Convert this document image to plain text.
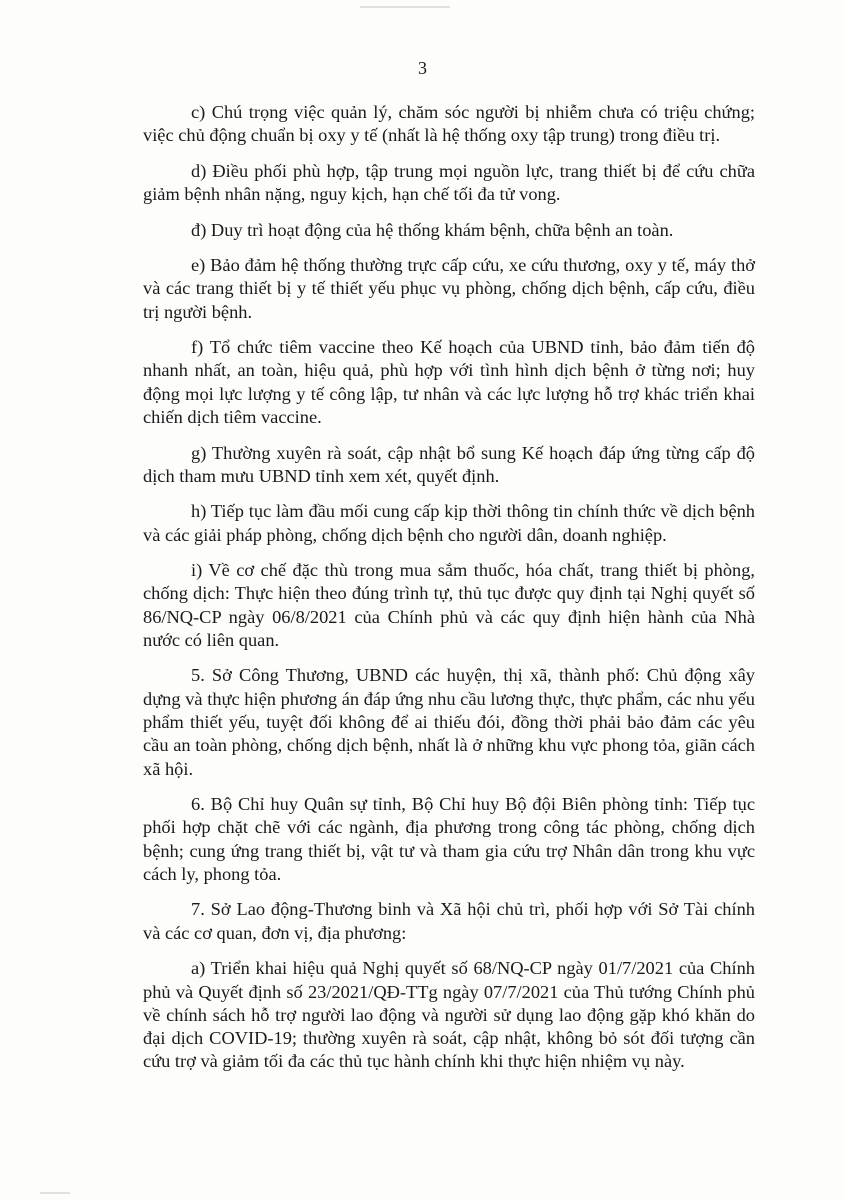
3

c) Chú trọng việc quản lý, chăm sóc người bị nhiễm chưa có triệu chứng; việc chủ động chuẩn bị oxy y tế (nhất là hệ thống oxy tập trung) trong điều trị.

d) Điều phối phù hợp, tập trung mọi nguồn lực, trang thiết bị để cứu chữa giảm bệnh nhân nặng, nguy kịch, hạn chế tối đa tử vong.

đ) Duy trì hoạt động của hệ thống khám bệnh, chữa bệnh an toàn.

e) Bảo đảm hệ thống thường trực cấp cứu, xe cứu thương, oxy y tế, máy thở và các trang thiết bị y tế thiết yếu phục vụ phòng, chống dịch bệnh, cấp cứu, điều trị người bệnh.

f) Tổ chức tiêm vaccine theo Kế hoạch của UBND tỉnh, bảo đảm tiến độ nhanh nhất, an toàn, hiệu quả, phù hợp với tình hình dịch bệnh ở từng nơi; huy động mọi lực lượng y tế công lập, tư nhân và các lực lượng hỗ trợ khác triển khai chiến dịch tiêm vaccine.

g) Thường xuyên rà soát, cập nhật bổ sung Kế hoạch đáp ứng từng cấp độ dịch tham mưu UBND tỉnh xem xét, quyết định.

h) Tiếp tục làm đầu mối cung cấp kịp thời thông tin chính thức về dịch bệnh và các giải pháp phòng, chống dịch bệnh cho người dân, doanh nghiệp.

i) Về cơ chế đặc thù trong mua sắm thuốc, hóa chất, trang thiết bị phòng, chống dịch: Thực hiện theo đúng trình tự, thủ tục được quy định tại Nghị quyết số 86/NQ-CP ngày 06/8/2021 của Chính phủ và các quy định hiện hành của Nhà nước có liên quan.

5. Sở Công Thương, UBND các huyện, thị xã, thành phố: Chủ động xây dựng và thực hiện phương án đáp ứng nhu cầu lương thực, thực phẩm, các nhu yếu phẩm thiết yếu, tuyệt đối không để ai thiếu đói, đồng thời phải bảo đảm các yêu cầu an toàn phòng, chống dịch bệnh, nhất là ở những khu vực phong tỏa, giãn cách xã hội.

6. Bộ Chỉ huy Quân sự tỉnh, Bộ Chỉ huy Bộ đội Biên phòng tỉnh: Tiếp tục phối hợp chặt chẽ với các ngành, địa phương trong công tác phòng, chống dịch bệnh; cung ứng trang thiết bị, vật tư và tham gia cứu trợ Nhân dân trong khu vực cách ly, phong tỏa.

7. Sở Lao động-Thương binh và Xã hội chủ trì, phối hợp với Sở Tài chính và các cơ quan, đơn vị, địa phương:

a) Triển khai hiệu quả Nghị quyết số 68/NQ-CP ngày 01/7/2021 của Chính phủ và Quyết định số 23/2021/QĐ-TTg ngày 07/7/2021 của Thủ tướng Chính phủ về chính sách hỗ trợ người lao động và người sử dụng lao động gặp khó khăn do đại dịch COVID-19; thường xuyên rà soát, cập nhật, không bỏ sót đối tượng cần cứu trợ và giảm tối đa các thủ tục hành chính khi thực hiện nhiệm vụ này.
